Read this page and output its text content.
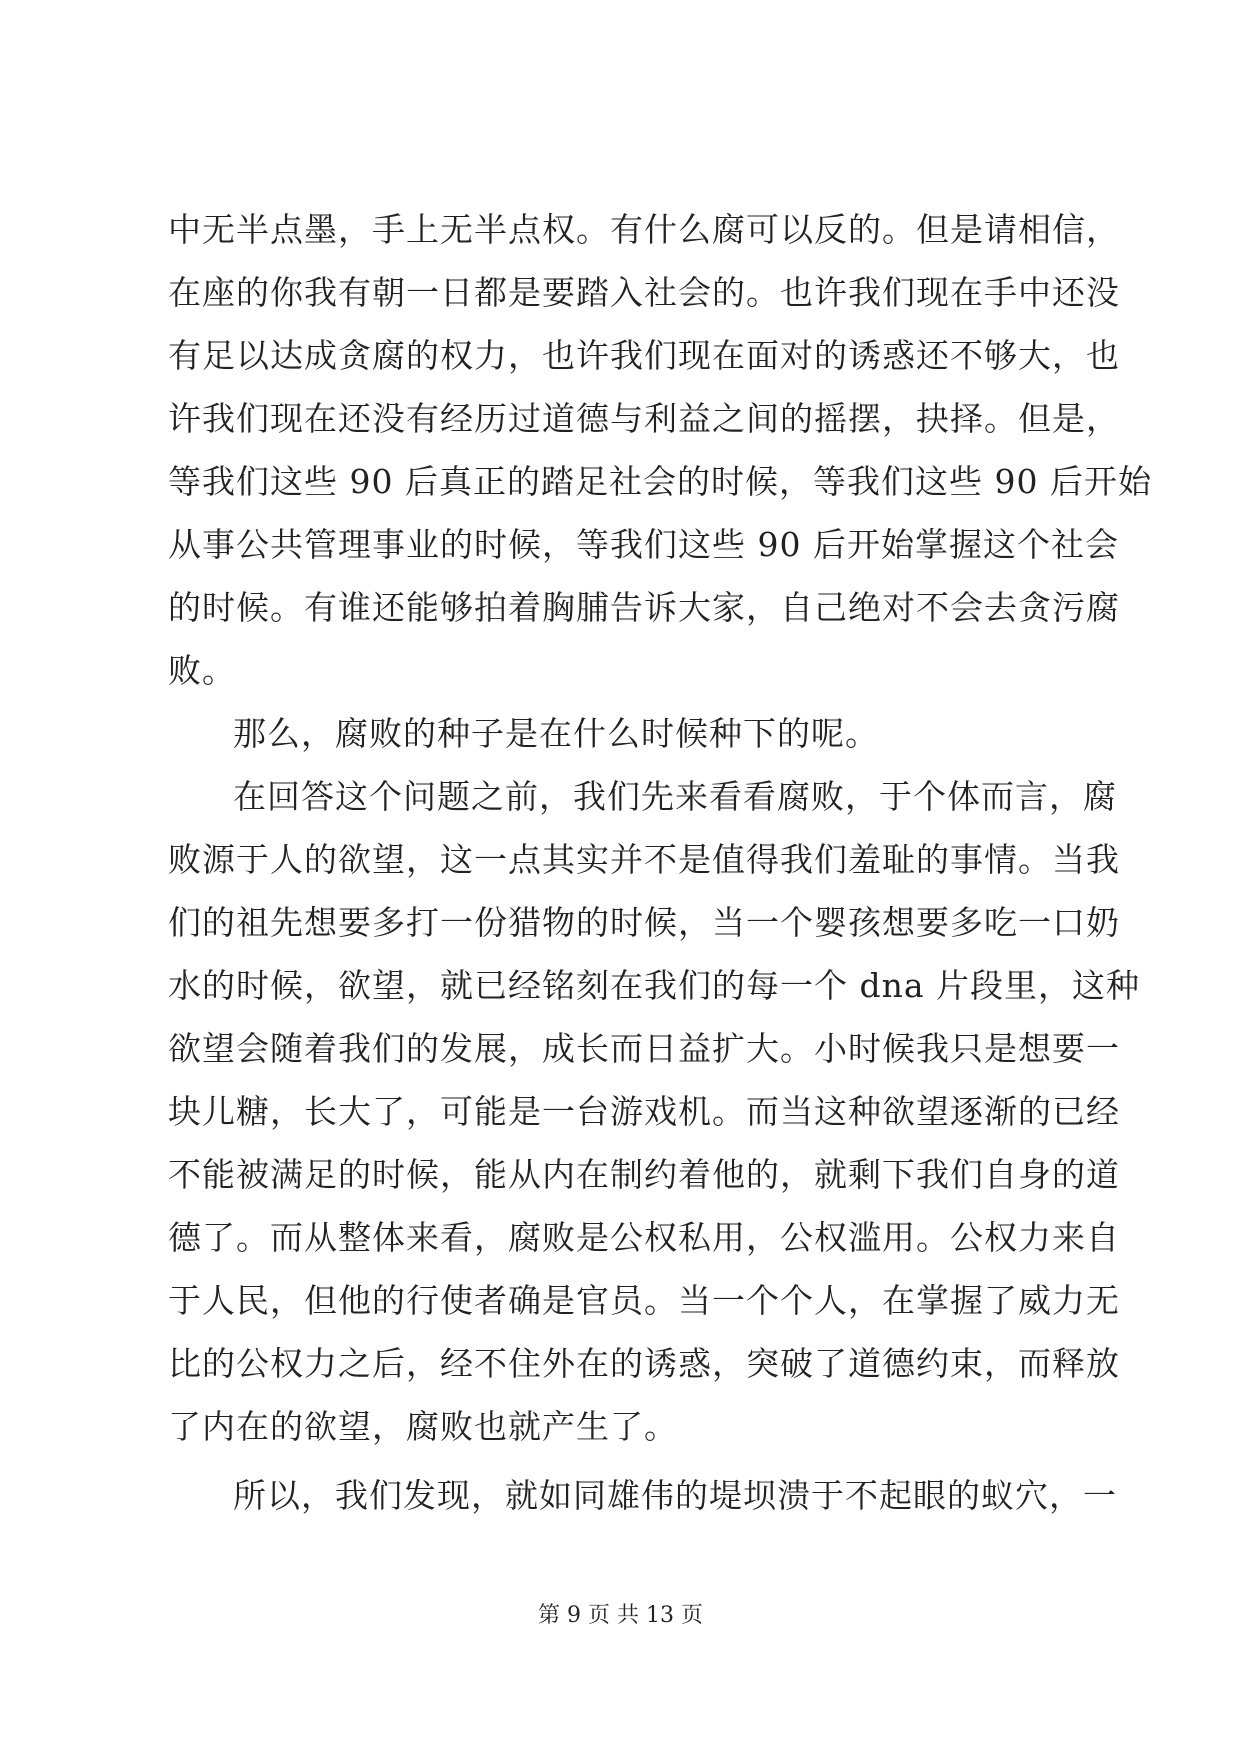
中无半点墨，手上无半点权。有什么腐可以反的。但是请相信，
在座的你我有朝一日都是要踏入社会的。也许我们现在手中还没
有足以达成贪腐的权力，也许我们现在面对的诱惑还不够大，也
许我们现在还没有经历过道德与利益之间的摇摆，抉择。但是，
等我们这些 90 后真正的踏足社会的时候，等我们这些 90 后开始
从事公共管理事业的时候，等我们这些 90 后开始掌握这个社会
的时候。有谁还能够拍着胸脯告诉大家，自己绝对不会去贪污腐
败。
那么，腐败的种子是在什么时候种下的呢。
在回答这个问题之前，我们先来看看腐败，于个体而言，腐
败源于人的欲望，这一点其实并不是值得我们羞耻的事情。当我
们的祖先想要多打一份猎物的时候，当一个婴孩想要多吃一口奶
水的时候，欲望，就已经铭刻在我们的每一个 dna 片段里，这种
欲望会随着我们的发展，成长而日益扩大。小时候我只是想要一
块儿糖，长大了，可能是一台游戏机。而当这种欲望逐渐的已经
不能被满足的时候，能从内在制约着他的，就剩下我们自身的道
德了。而从整体来看，腐败是公权私用，公权滥用。公权力来自
于人民，但他的行使者确是官员。当一个个人，在掌握了威力无
比的公权力之后，经不住外在的诱惑，突破了道德约束，而释放
了内在的欲望，腐败也就产生了。
所以，我们发现，就如同雄伟的堤坝溃于不起眼的蚁穴，一
第 9 页 共 13 页
